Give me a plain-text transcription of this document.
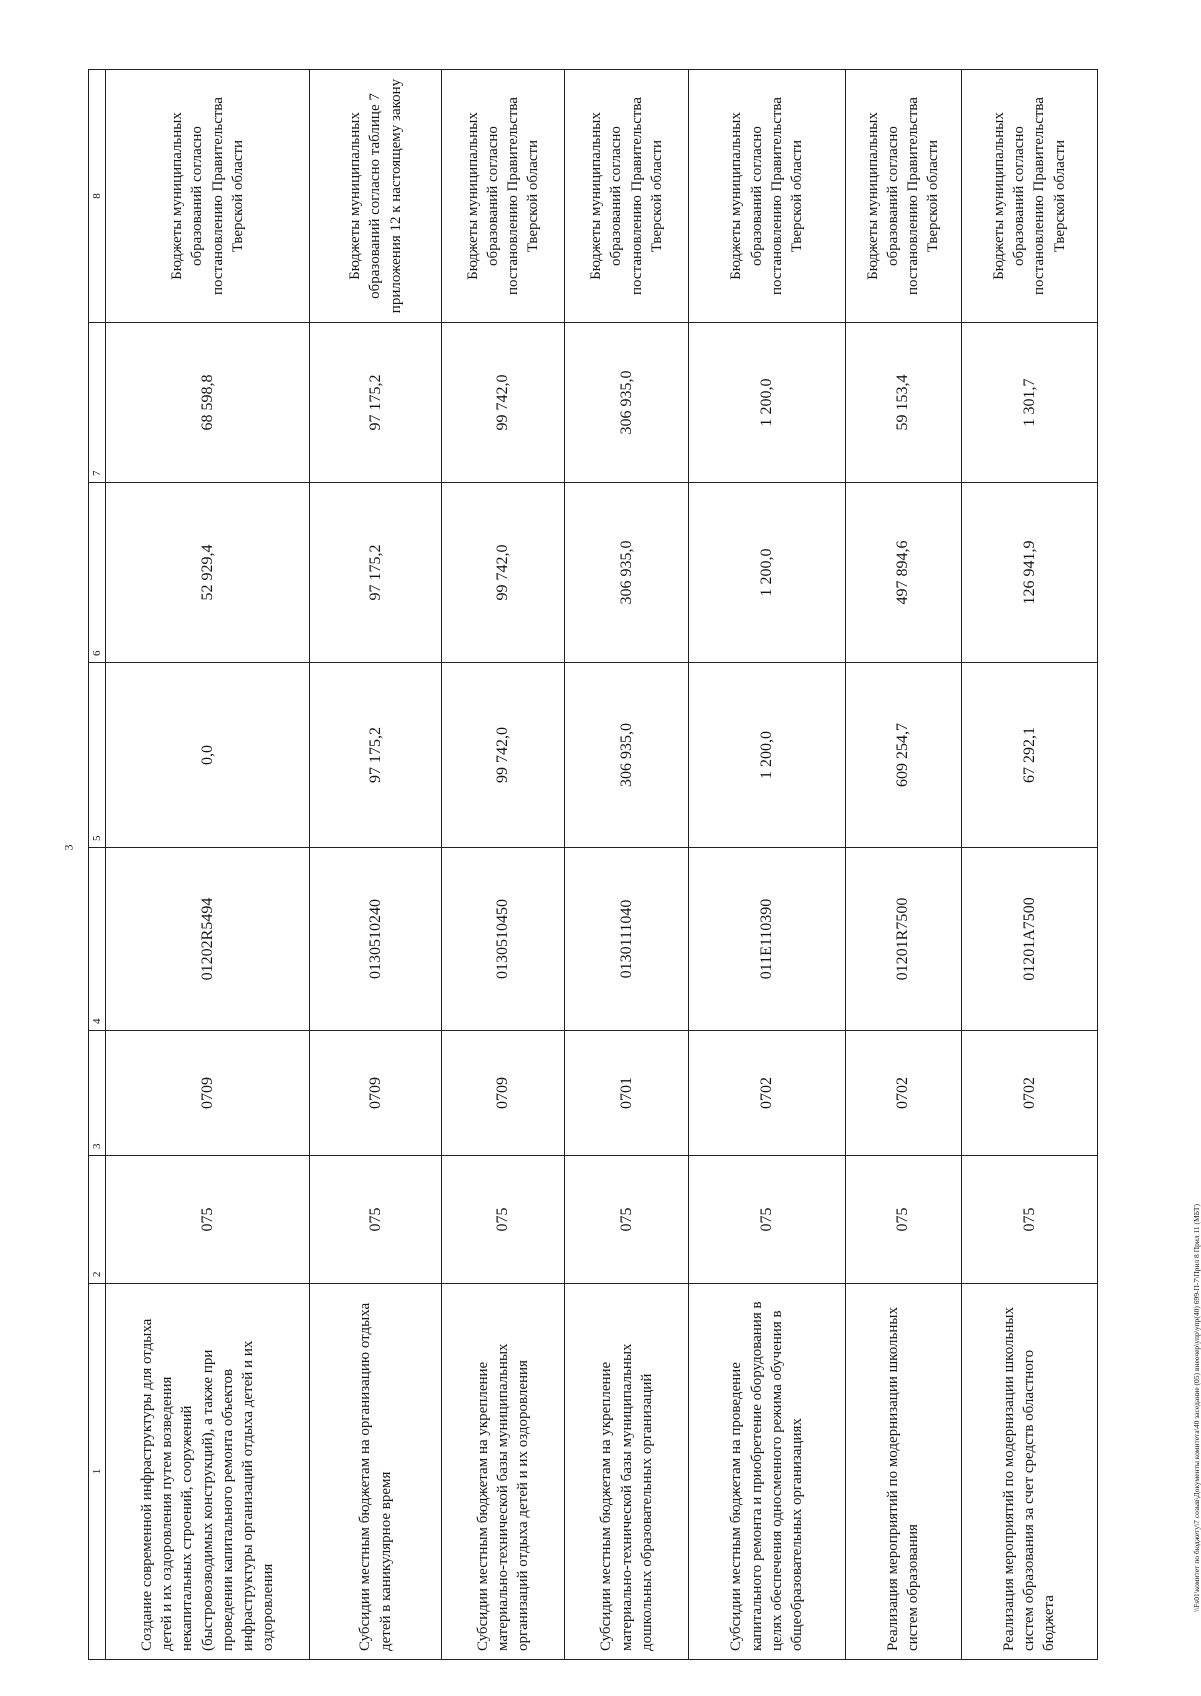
3
1	2	3	4	5	6	7	8
Создание современной инфраструктуры для отдыха детей и их оздоровления путем возведения некапитальных строений, сооружений (быстровозводимых конструкций), а также при проведении капитального ремонта объектов инфраструктуры организаций отдыха детей и их оздоровления	075	0709	01202R5494	0,0	52 929,4	68 598,8	Бюджеты муниципальных образований согласно постановлению Правительства Тверской области
Субсидии местным бюджетам на организацию отдыха детей в каникулярное время	075	0709	0130510240	97 175,2	97 175,2	97 175,2	Бюджеты муниципальных образований согласно таблице 7 приложения 12 к настоящему закону
Субсидии местным бюджетам на укрепление материально-технической базы муниципальных организаций отдыха детей и их оздоровления	075	0709	0130510450	99 742,0	99 742,0	99 742,0	Бюджеты муниципальных образований согласно постановлению Правительства Тверской области
Субсидии местным бюджетам на укрепление материально-технической базы муниципальных дошкольных образовательных организаций	075	0701	0130111040	306 935,0	306 935,0	306 935,0	Бюджеты муниципальных образований согласно постановлению Правительства Тверской области
Субсидии местным бюджетам на проведение капитального ремонта и приобретение оборудования в целях обеспечения односменного режима обучения в общеобразовательных организациях	075	0702	011E110390	1 200,0	1 200,0	1 200,0	Бюджеты муниципальных образований согласно постановлению Правительства Тверской области
Реализация мероприятий по модернизации школьных систем образования	075	0702	01201R7500	609 254,7	497 894,6	59 153,4	Бюджеты муниципальных образований согласно постановлению Правительства Тверской области
Реализация мероприятий по модернизации школьных систем образования за счет средств областного бюджета	075	0702	01201A7500	67 292,1	126 941,9	1 301,7	Бюджеты муниципальных образований согласно постановлению Правительства Тверской области
\\Fs01\комитет по бюджету\7 созыв\Документы комитета\40 заседание (05) внеочер\упр\упр(40) 699-П-7\Прил 8 Прил 11 (МБТ)
